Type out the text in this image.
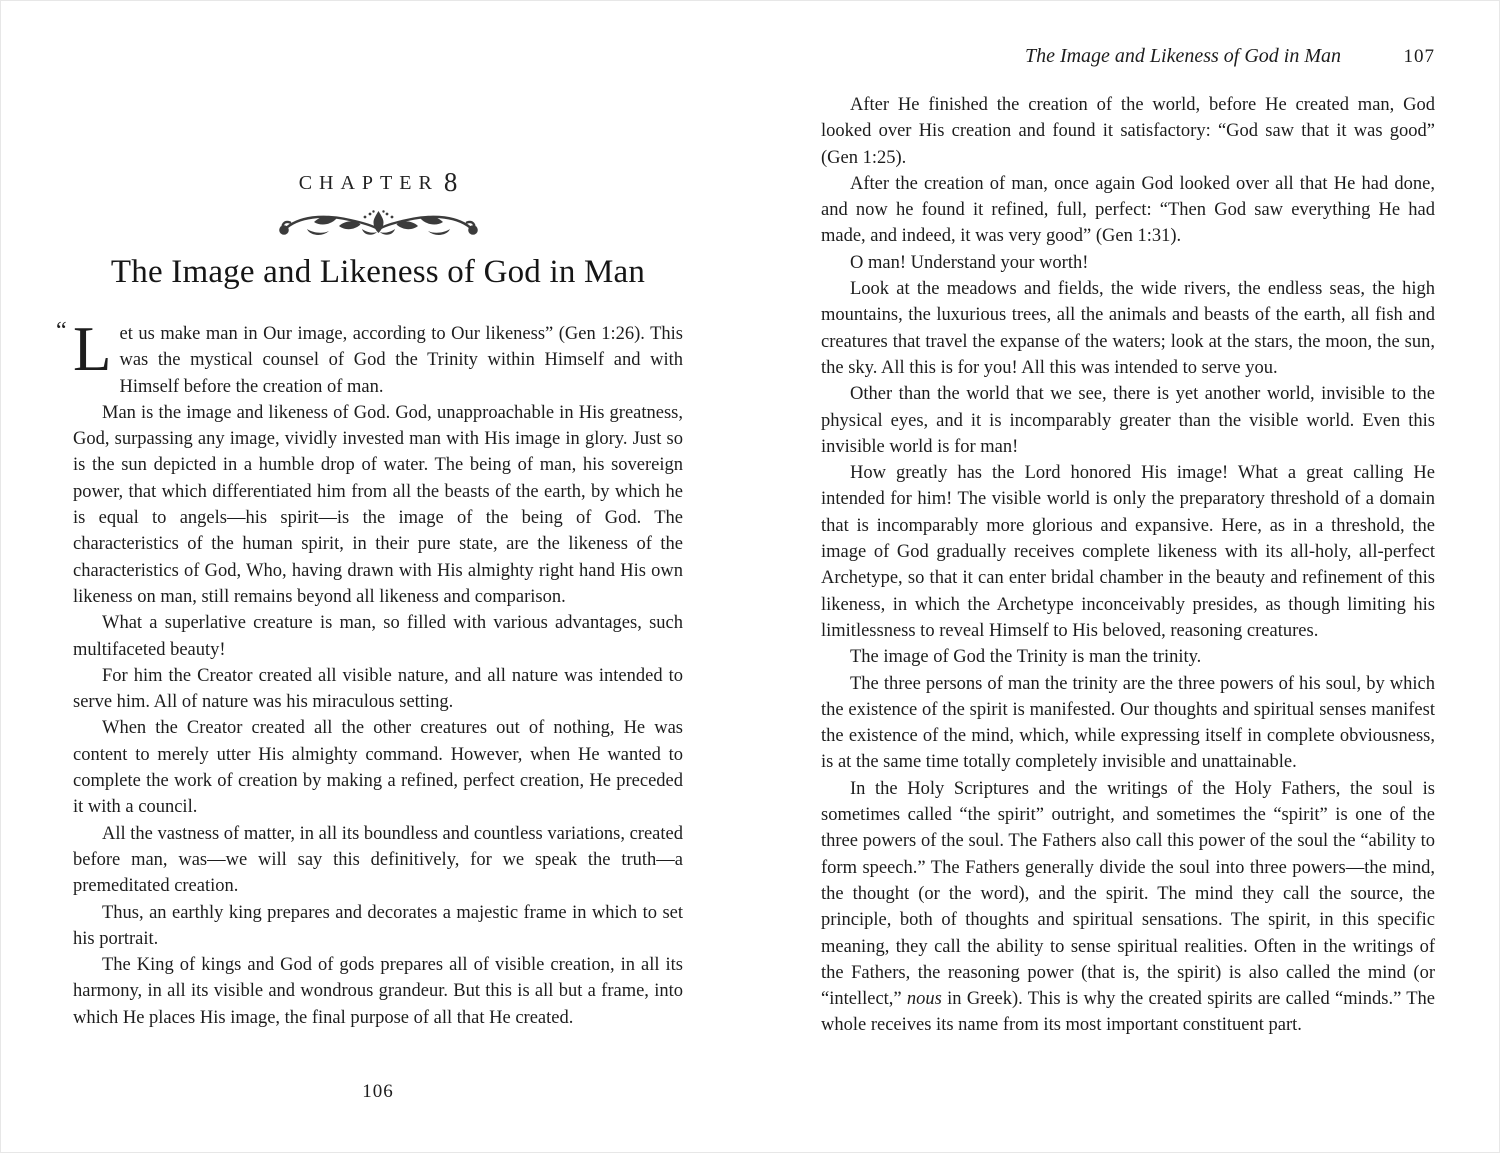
CHAPTER 8
The Image and Likeness of God in Man

“ L et us make man in Our image, according to Our likeness” (Gen 1:26). This was the mystical counsel of God the Trinity within Himself and with Himself before the creation of man.

Man is the image and likeness of God. God, unapproachable in His greatness, God, surpassing any image, vividly invested man with His image in glory. Just so is the sun depicted in a humble drop of water. The being of man, his sovereign power, that which differentiated him from all the beasts of the earth, by which he is equal to angels—his spirit—is the image of the being of God. The characteristics of the human spirit, in their pure state, are the likeness of the characteristics of God, Who, having drawn with His almighty right hand His own likeness on man, still remains beyond all likeness and comparison.

What a superlative creature is man, so filled with various advantages, such multifaceted beauty!

For him the Creator created all visible nature, and all nature was intended to serve him. All of nature was his miraculous setting.

When the Creator created all the other creatures out of nothing, He was content to merely utter His almighty command. However, when He wanted to complete the work of creation by making a refined, perfect creation, He preceded it with a council.

All the vastness of matter, in all its boundless and countless variations, created before man, was—we will say this definitively, for we speak the truth—a premeditated creation.

Thus, an earthly king prepares and decorates a majestic frame in which to set his portrait.

The King of kings and God of gods prepares all of visible creation, in all its harmony, in all its visible and wondrous grandeur. But this is all but a frame, into which He places His image, the final purpose of all that He created.

106
The Image and Likeness of God in Man	107

After He finished the creation of the world, before He created man, God looked over His creation and found it satisfactory: “God saw that it was good” (Gen 1:25).

After the creation of man, once again God looked over all that He had done, and now he found it refined, full, perfect: “Then God saw everything He had made, and indeed, it was very good” (Gen 1:31).

O man! Understand your worth!

Look at the meadows and fields, the wide rivers, the endless seas, the high mountains, the luxurious trees, all the animals and beasts of the earth, all fish and creatures that travel the expanse of the waters; look at the stars, the moon, the sun, the sky. All this is for you! All this was intended to serve you.

Other than the world that we see, there is yet another world, invisible to the physical eyes, and it is incomparably greater than the visible world. Even this invisible world is for man!

How greatly has the Lord honored His image! What a great calling He intended for him! The visible world is only the preparatory threshold of a domain that is incomparably more glorious and expansive. Here, as in a threshold, the image of God gradually receives complete likeness with its all-holy, all-perfect Archetype, so that it can enter bridal chamber in the beauty and refinement of this likeness, in which the Archetype inconceivably presides, as though limiting his limitlessness to reveal Himself to His beloved, reasoning creatures.

The image of God the Trinity is man the trinity.

The three persons of man the trinity are the three powers of his soul, by which the existence of the spirit is manifested. Our thoughts and spiritual senses manifest the existence of the mind, which, while expressing itself in complete obviousness, is at the same time totally completely invisible and unattainable.

In the Holy Scriptures and the writings of the Holy Fathers, the soul is sometimes called “the spirit” outright, and sometimes the “spirit” is one of the three powers of the soul. The Fathers also call this power of the soul the “ability to form speech.” The Fathers generally divide the soul into three powers—the mind, the thought (or the word), and the spirit. The mind they call the source, the principle, both of thoughts and spiritual sensations. The spirit, in this specific meaning, they call the ability to sense spiritual realities. Often in the writings of the Fathers, the reasoning power (that is, the spirit) is also called the mind (or “intellect,” nous in Greek). This is why the created spirits are called “minds.” The whole receives its name from its most important constituent part.
